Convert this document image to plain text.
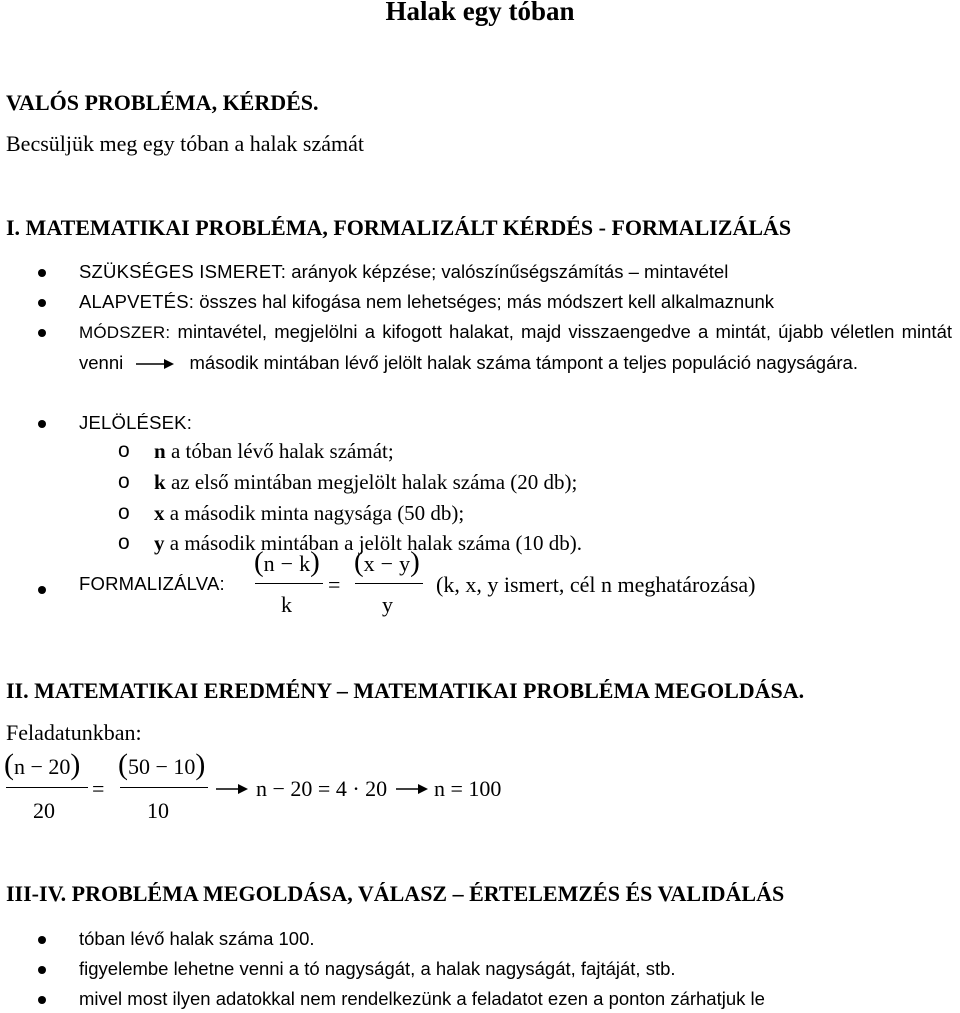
Halak egy tóban
VALÓS PROBLÉMA, KÉRDÉS.
Becsüljük meg egy tóban a halak számát
I. MATEMATIKAI PROBLÉMA, FORMALIZÁLT KÉRDÉS - FORMALIZÁLÁS
SZÜKSÉGES ISMERET: arányok képzése; valószínűségszámítás – mintavétel
ALAPVETÉS: összes hal kifogása nem lehetséges; más módszert kell alkalmaznunk
MÓDSZER: mintavétel, megjelölni a kifogott halakat, majd visszaengedve a mintát, újabb véletlen mintát venni	második mintában lévő jelölt halak száma támpont a teljes populáció nagyságára.
JELÖLÉSEK:
o n a tóban lévő halak számát;
o k az első mintában megjelölt halak száma (20 db);
o x a második minta nagysága (50 db);
o y a második mintában a jelölt halak száma (10 db).
FORMALIZÁLVA:
(n − k)
k
=
(x − y)
y
(k, x, y ismert, cél n meghatározása)
II. MATEMATIKAI EREDMÉNY – MATEMATIKAI PROBLÉMA MEGOLDÁSA.
Feladatunkban:
(n − 20)
20
=
(50 − 10)
10
n − 20 = 4 · 20 n = 100
III-IV. PROBLÉMA MEGOLDÁSA, VÁLASZ – ÉRTELEMZÉS ÉS VALIDÁLÁS
tóban lévő halak száma 100.
figyelembe lehetne venni a tó nagyságát, a halak nagyságát, fajtáját, stb.
mivel most ilyen adatokkal nem rendelkezünk a feladatot ezen a ponton zárhatjuk le
